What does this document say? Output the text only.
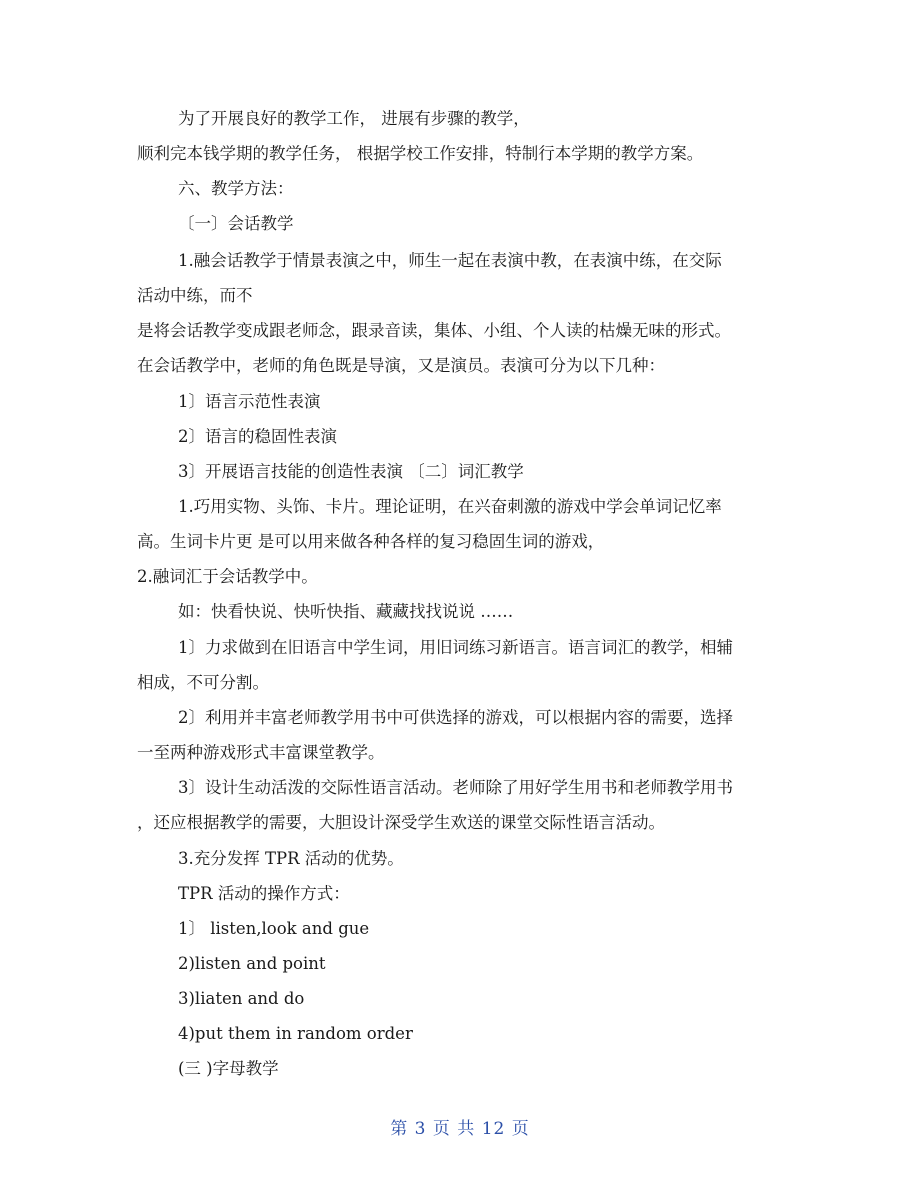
为了开展良好的教学工作， 进展有步骤的教学，
顺利完本钱学期的教学任务， 根据学校工作安排，特制行本学期的教学方案。
六、教学方法：
〔一〕会话教学
1.融会话教学于情景表演之中，师生一起在表演中教，在表演中练，在交际
活动中练，而不
是将会话教学变成跟老师念，跟录音读，集体、小组、个人读的枯燥无味的形式。
在会话教学中，老师的角色既是导演，又是演员。表演可分为以下几种：
1〕语言示范性表演
2〕语言的稳固性表演
3〕开展语言技能的创造性表演 〔二〕词汇教学
1.巧用实物、头饰、卡片。理论证明，在兴奋刺激的游戏中学会单词记忆率
高。生词卡片更 是可以用来做各种各样的复习稳固生词的游戏，
2.融词汇于会话教学中。
如：快看快说、快听快指、藏藏找找说说 ……
1〕力求做到在旧语言中学生词，用旧词练习新语言。语言词汇的教学，相辅
相成，不可分割。
2〕利用并丰富老师教学用书中可供选择的游戏，可以根据内容的需要，选择
一至两种游戏形式丰富课堂教学。
3〕设计生动活泼的交际性语言活动。老师除了用好学生用书和老师教学用书
，还应根据教学的需要，大胆设计深受学生欢送的课堂交际性语言活动。
3.充分发挥 TPR 活动的优势。
TPR 活动的操作方式：
1〕 listen,look and gue
2)listen and point
3)liaten and do
4)put them in random order
(三 )字母教学
第 3 页 共 12 页
